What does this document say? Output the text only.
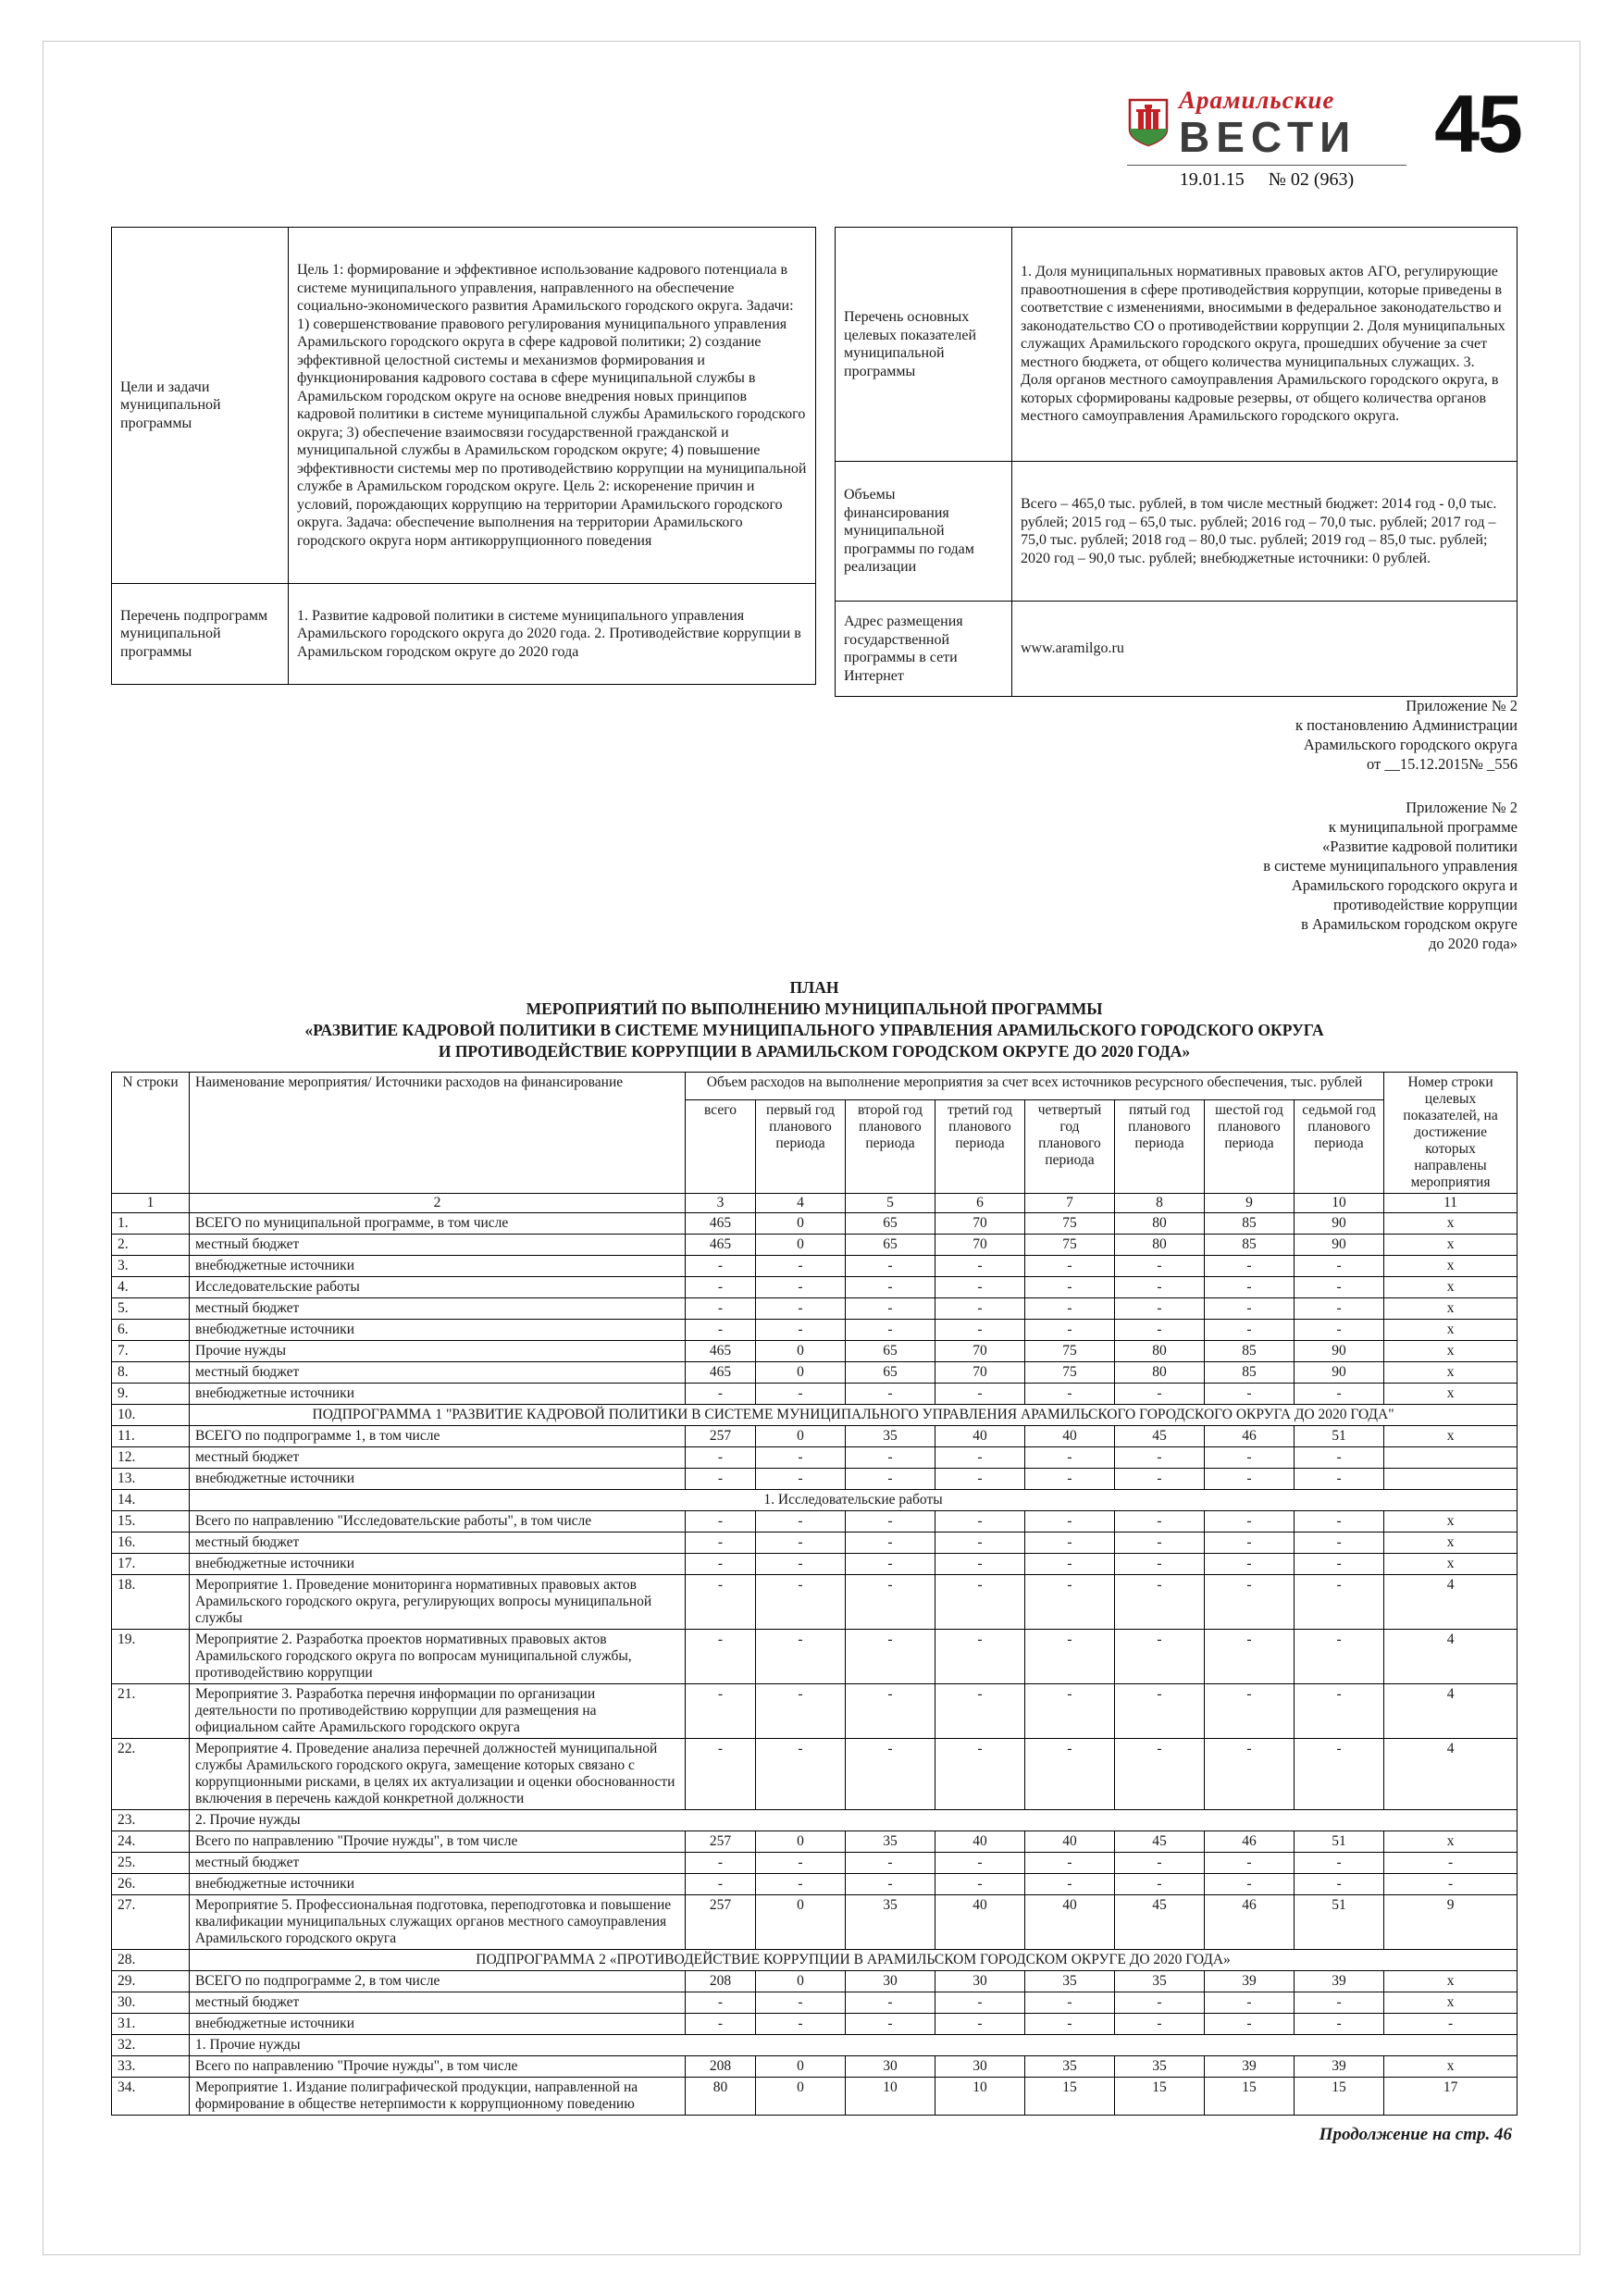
Арамильские
ВЕСТИ
19.01.15 № 02 (963)
45
Цели и задачи муниципальной программы	Цель 1: формирование и эффективное использование кадрового потенциала в системе муниципального управления, направленного на обеспечение социально-экономического развития Арамильского городского округа. Задачи: 1) совершенствование правового регулирования муниципального управления Арамильского городского округа в сфере кадровой политики; 2) создание эффективной целостной системы и механизмов формирования и функционирования кадрового состава в сфере муниципальной службы в Арамильском городском округе на основе внедрения новых принципов кадровой политики в системе муниципальной службы Арамильского городского округа; 3) обеспечение взаимосвязи государственной гражданской и муниципальной службы в Арамильском городском округе; 4) повышение эффективности системы мер по противодействию коррупции на муниципальной службе в Арамильском городском округе. Цель 2: искоренение причин и условий, порождающих коррупцию на территории Арамильского городского округа. Задача: обеспечение выполнения на территории Арамильского городского округа норм антикоррупционного поведения
Перечень подпрограмм муниципальной программы	1. Развитие кадровой политики в системе муниципального управления Арамильского городского округа до 2020 года. 2. Противодействие коррупции в Арамильском городском округе до 2020 года
Перечень основных целевых показателей муниципальной программы	1. Доля муниципальных нормативных правовых актов АГО, регулирующие правоотношения в сфере противодействия коррупции, которые приведены в соответствие с изменениями, вносимыми в федеральное законодательство и законодательство СО о противодействии коррупции 2. Доля муниципальных служащих Арамильского городского округа, прошедших обучение за счет местного бюджета, от общего количества муниципальных служащих. 3. Доля органов местного самоуправления Арамильского городского округа, в которых сформированы кадровые резервы, от общего количества органов местного самоуправления Арамильского городского округа.
Объемы финансирования муниципальной программы по годам реализации	Всего – 465,0 тыс. рублей, в том числе местный бюджет: 2014 год - 0,0 тыс. рублей; 2015 год – 65,0 тыс. рублей; 2016 год – 70,0 тыс. рублей; 2017 год – 75,0 тыс. рублей; 2018 год – 80,0 тыс. рублей; 2019 год – 85,0 тыс. рублей; 2020 год – 90,0 тыс. рублей; внебюджетные источники: 0 рублей.
Адрес размещения государственной программы в сети Интернет	www.aramilgo.ru
Приложение № 2
к постановлению Администрации
Арамильского городского округа
от __15.12.2015№ _556
Приложение № 2
к муниципальной программе
«Развитие кадровой политики
в системе муниципального управления
Арамильского городского округа и
противодействие коррупции
в Арамильском городском округе
до 2020 года»
ПЛАН
МЕРОПРИЯТИЙ ПО ВЫПОЛНЕНИЮ МУНИЦИПАЛЬНОЙ ПРОГРАММЫ
«РАЗВИТИЕ КАДРОВОЙ ПОЛИТИКИ В СИСТЕМЕ МУНИЦИПАЛЬНОГО УПРАВЛЕНИЯ АРАМИЛЬСКОГО ГОРОДСКОГО ОКРУГА
И ПРОТИВОДЕЙСТВИЕ КОРРУПЦИИ В АРАМИЛЬСКОМ ГОРОДСКОМ ОКРУГЕ ДО 2020 ГОДА»
N строки	Наименование мероприятия/ Источники расходов на финансирование	Объем расходов на выполнение мероприятия за счет всех источников ресурсного обеспечения, тыс. рублей								Номер строки целевых показателей, на достижение которых направлены мероприятия
		всего	первый год планового периода	второй год планового периода	третий год планового периода	четвертый год планового периода	пятый год планового периода	шестой год планового периода	седьмой год планового периода	
1	2	3	4	5	6	7	8	9	10	11
1.	ВСЕГО по муниципальной программе, в том числе	465	0	65	70	75	80	85	90	х
2.	местный бюджет	465	0	65	70	75	80	85	90	х
3.	внебюджетные источники	-	-	-	-	-	-	-	-	х
4.	Исследовательские работы	-	-	-	-	-	-	-	-	х
5.	местный бюджет	-	-	-	-	-	-	-	-	х
6.	внебюджетные источники	-	-	-	-	-	-	-	-	х
7.	Прочие нужды	465	0	65	70	75	80	85	90	х
8.	местный бюджет	465	0	65	70	75	80	85	90	х
9.	внебюджетные источники	-	-	-	-	-	-	-	-	х
10.	ПОДПРОГРАММА 1 "РАЗВИТИЕ КАДРОВОЙ ПОЛИТИКИ В СИСТЕМЕ МУНИЦИПАЛЬНОГО УПРАВЛЕНИЯ АРАМИЛЬСКОГО ГОРОДСКОГО ОКРУГА ДО 2020 ГОДА"									
11.	ВСЕГО по подпрограмме 1, в том числе	257	0	35	40	40	45	46	51	х
12.	местный бюджет	-	-	-	-	-	-	-	-	
13.	внебюджетные источники	-	-	-	-	-	-	-	-	
14.	1. Исследовательские работы									
15.	Всего по направлению "Исследовательские работы", в том числе	-	-	-	-	-	-	-	-	х
16.	местный бюджет	-	-	-	-	-	-	-	-	х
17.	внебюджетные источники	-	-	-	-	-	-	-	-	х
18.	Мероприятие 1. Проведение мониторинга нормативных правовых актов Арамильского городского округа, регулирующих вопросы муниципальной службы	-	-	-	-	-	-	-	-	4
19.	Мероприятие 2. Разработка проектов нормативных правовых актов Арамильского городского округа по вопросам муниципальной службы, противодействию коррупции	-	-	-	-	-	-	-	-	4
21.	Мероприятие 3. Разработка перечня информации по организации деятельности по противодействию коррупции для размещения на официальном сайте Арамильского городского округа	-	-	-	-	-	-	-	-	4
22.	Мероприятие 4. Проведение анализа перечней должностей муниципальной службы Арамильского городского округа, замещение которых связано с коррупционными рисками, в целях их актуализации и оценки обоснованности включения в перечень каждой конкретной должности	-	-	-	-	-	-	-	-	4
23.	2. Прочие нужды									
24.	Всего по направлению "Прочие нужды", в том числе	257	0	35	40	40	45	46	51	х
25.	местный бюджет	-	-	-	-	-	-	-	-	-
26.	внебюджетные источники	-	-	-	-	-	-	-	-	-
27.	Мероприятие 5. Профессиональная подготовка, переподготовка и повышение квалификации муниципальных служащих органов местного самоуправления Арамильского городского округа	257	0	35	40	40	45	46	51	9
28.	ПОДПРОГРАММА 2 «ПРОТИВОДЕЙСТВИЕ КОРРУПЦИИ В АРАМИЛЬСКОМ ГОРОДСКОМ ОКРУГЕ ДО 2020 ГОДА»									
29.	ВСЕГО по подпрограмме 2, в том числе	208	0	30	30	35	35	39	39	х
30.	местный бюджет	-	-	-	-	-	-	-	-	х
31.	внебюджетные источники	-	-	-	-	-	-	-	-	-
32.	1. Прочие нужды									
33.	Всего по направлению "Прочие нужды", в том числе	208	0	30	30	35	35	39	39	х
34.	Мероприятие 1. Издание полиграфической продукции, направленной на формирование в обществе нетерпимости к коррупционному поведению	80	0	10	10	15	15	15	15	17
Продолжение на стр. 46
